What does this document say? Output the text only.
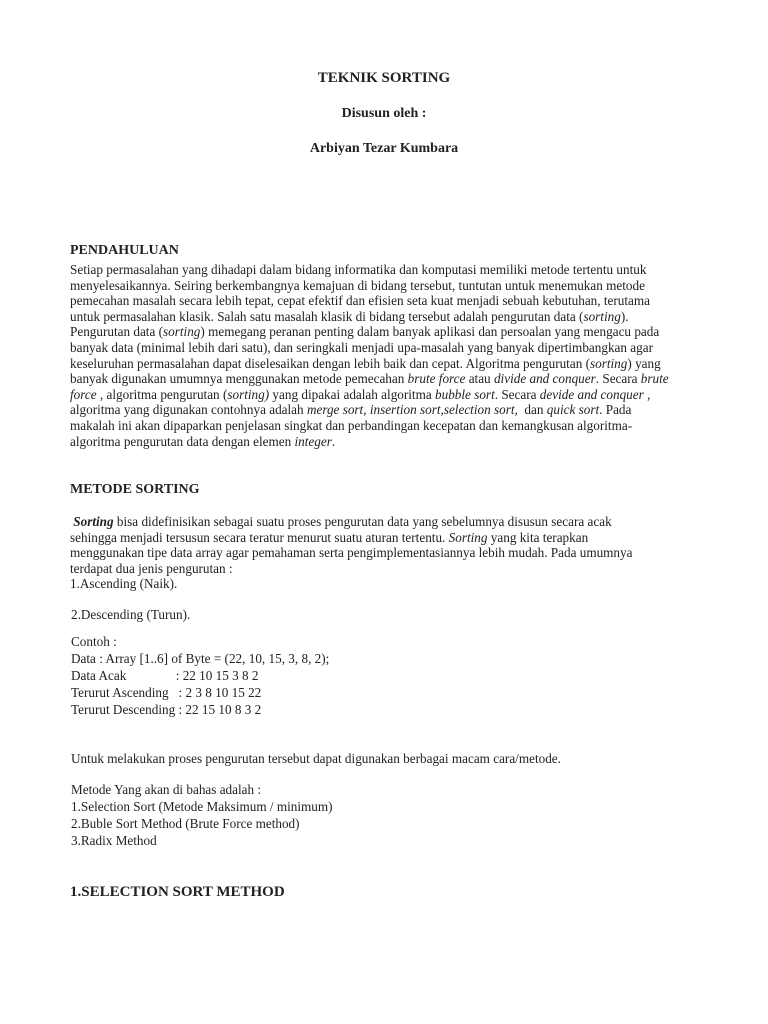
TEKNIK SORTING
Disusun oleh :
Arbiyan Tezar Kumbara
PENDAHULUAN
Setiap permasalahan yang dihadapi dalam bidang informatika dan komputasi memiliki metode tertentu untuk
menyelesaikannya. Seiring berkembangnya kemajuan di bidang tersebut, tuntutan untuk menemukan metode
pemecahan masalah secara lebih tepat, cepat efektif dan efisien seta kuat menjadi sebuah kebutuhan, terutama
untuk permasalahan klasik. Salah satu masalah klasik di bidang tersebut adalah pengurutan data (sorting).
Pengurutan data (sorting) memegang peranan penting dalam banyak aplikasi dan persoalan yang mengacu pada
banyak data (minimal lebih dari satu), dan seringkali menjadi upa-masalah yang banyak dipertimbangkan agar
keseluruhan permasalahan dapat diselesaikan dengan lebih baik dan cepat. Algoritma pengurutan (sorting) yang
banyak digunakan umumnya menggunakan metode pemecahan brute force atau divide and conquer. Secara brute
force , algoritma pengurutan (sorting) yang dipakai adalah algoritma bubble sort. Secara devide and conquer ,
algoritma yang digunakan contohnya adalah merge sort, insertion sort,selection sort,  dan quick sort. Pada
makalah ini akan dipaparkan penjelasan singkat dan perbandingan kecepatan dan kemangkusan algoritma-
algoritma pengurutan data dengan elemen integer.
METODE SORTING
Sorting bisa didefinisikan sebagai suatu proses pengurutan data yang sebelumnya disusun secara acak
sehingga menjadi tersusun secara teratur menurut suatu aturan tertentu. Sorting yang kita terapkan
menggunakan tipe data array agar pemahaman serta pengimplementasiannya lebih mudah. Pada umumnya
terdapat dua jenis pengurutan :
1.Ascending (Naik).
2.Descending (Turun).
Contoh :
Data : Array [1..6] of Byte = (22, 10, 15, 3, 8, 2);
Data Acak               : 22 10 15 3 8 2
Terurut Ascending   : 2 3 8 10 15 22
Terurut Descending : 22 15 10 8 3 2
Untuk melakukan proses pengurutan tersebut dapat digunakan berbagai macam cara/metode.
Metode Yang akan di bahas adalah :
1.Selection Sort (Metode Maksimum / minimum)
2.Buble Sort Method (Brute Force method)
3.Radix Method
1.SELECTION SORT METHOD
